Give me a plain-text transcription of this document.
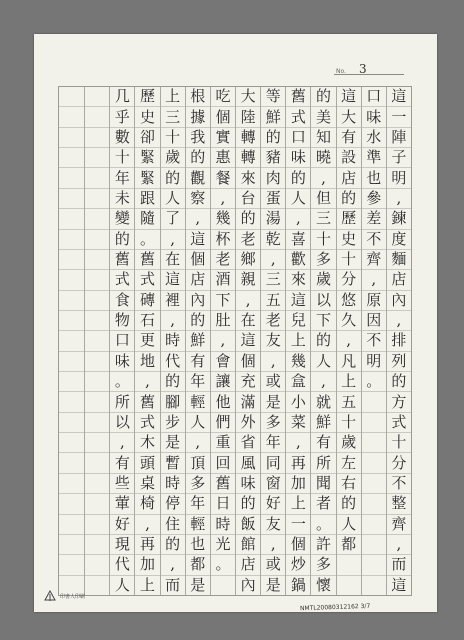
No. 3
這
一
陣
子
明
,
鍊
度
麵
店
內
,
排
列
的
方
式
十
分
不
整
齊
,
而
這
口
味
水
準
也
參
差
不
齊
,
原
因
不
明
。
這
大
有
設
店
的
歷
史
十
分
悠
久
,
凡
上
五
十
歲
左
右
的
人
都
的
美
知
曉
,
但
三
十
多
歲
以
下
的
人
,
就
鮮
有
所
聞
者
。
許
多
懷
舊
式
口
味
的
人
,
喜
歡
來
這
兒
上
幾
盒
小
菜
,
再
加
上
一
個
炒
鍋
等
鮮
的
豬
肉
蛋
湯
乾
,
三
五
老
友
,
或
是
多
年
同
窗
好
友
,
或
是
大
陸
轉
轉
來
台
的
老
鄉
親
,
在
這
個
充
滿
外
省
風
味
的
飯
館
店
內
吃
個
實
惠
餐
,
幾
杯
老
酒
下
肚
,
會
讓
他
們
重
回
舊
日
時
光
。
根
據
我
的
觀
察
,
這
個
店
內
的
鮮
有
年
輕
人
,
頂
多
年
輕
也
都
是
上
三
十
歲
的
人
了
,
在
這
裡
,
時
代
的
腳
步
是
暫
時
停
住
的
,
而
歷
史
卻
緊
緊
跟
隨
。
舊
式
磚
石
更
地
,
舊
式
木
頭
桌
椅
,
再
加
上
几
乎
數
十
年
未
變
的
舊
式
食
物
口
味
。
所
以
,
有
些
葷
好
現
代
人
印書人印刷
NMTL20080312162 3/7
